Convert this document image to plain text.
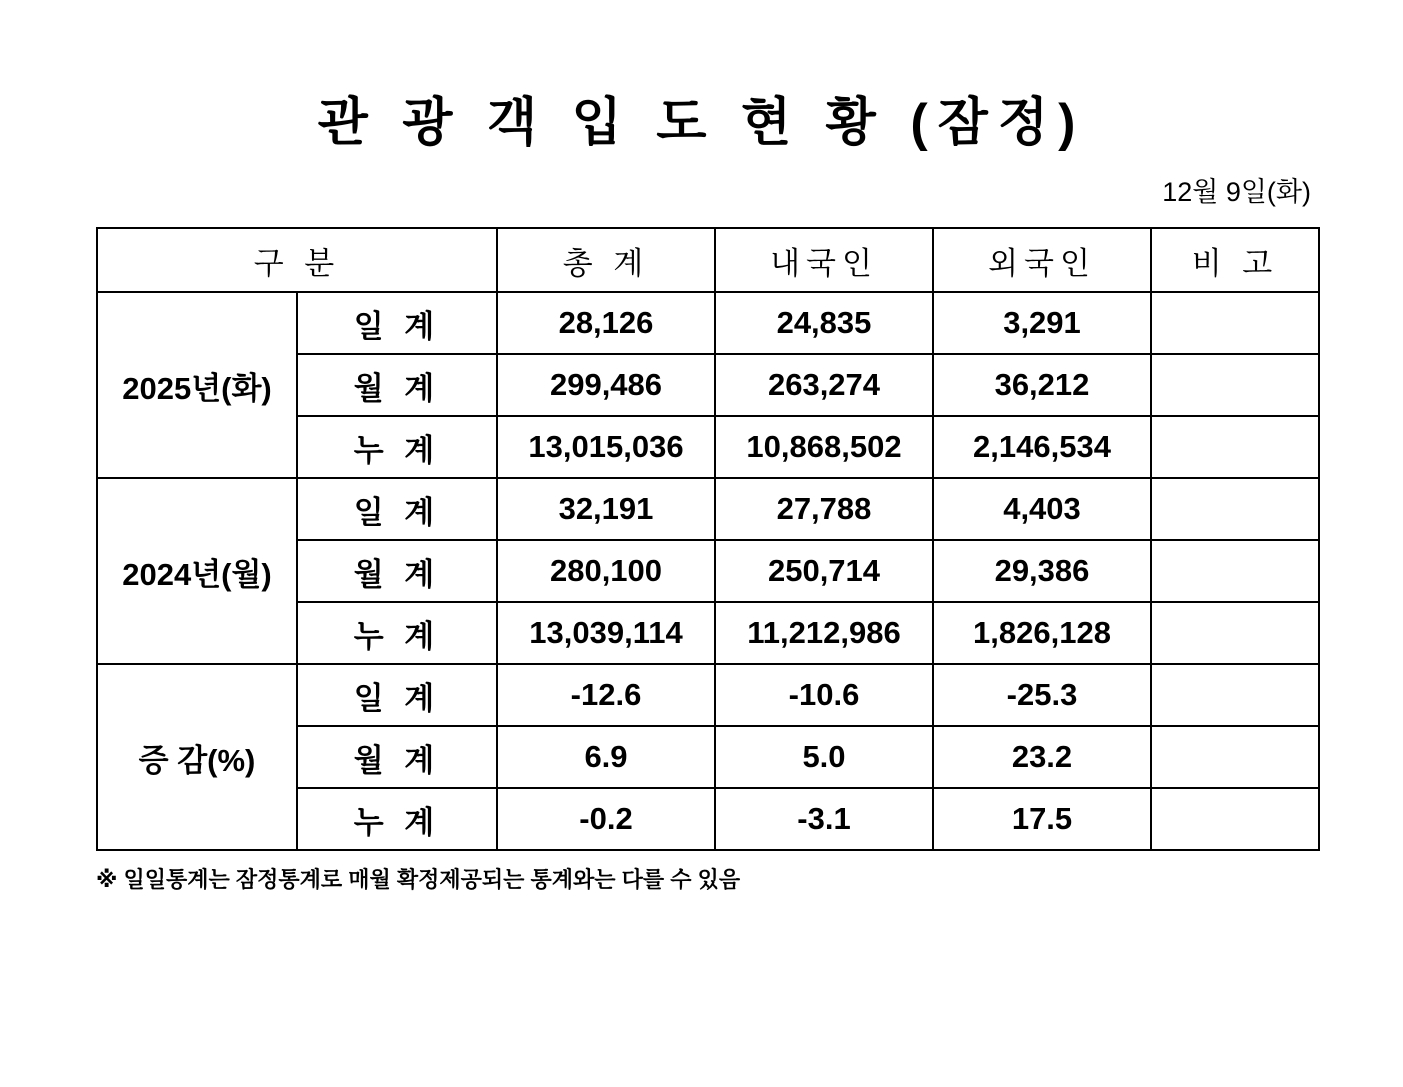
관 광 객 입 도 현 황 (잠정)
12월 9일(화)
구 분		총 계	내국인	외국인	비 고
2025년(화)	일 계	28,126	24,835	3,291	
	월 계	299,486	263,274	36,212	
	누 계	13,015,036	10,868,502	2,146,534	
2024년(월)	일 계	32,191	27,788	4,403	
	월 계	280,100	250,714	29,386	
	누 계	13,039,114	11,212,986	1,826,128	
증 감(%)	일 계	-12.6	-10.6	-25.3	
	월 계	6.9	5.0	23.2	
	누 계	-0.2	-3.1	17.5	
※ 일일통계는 잠정통계로 매월 확정제공되는 통계와는 다를 수 있음
